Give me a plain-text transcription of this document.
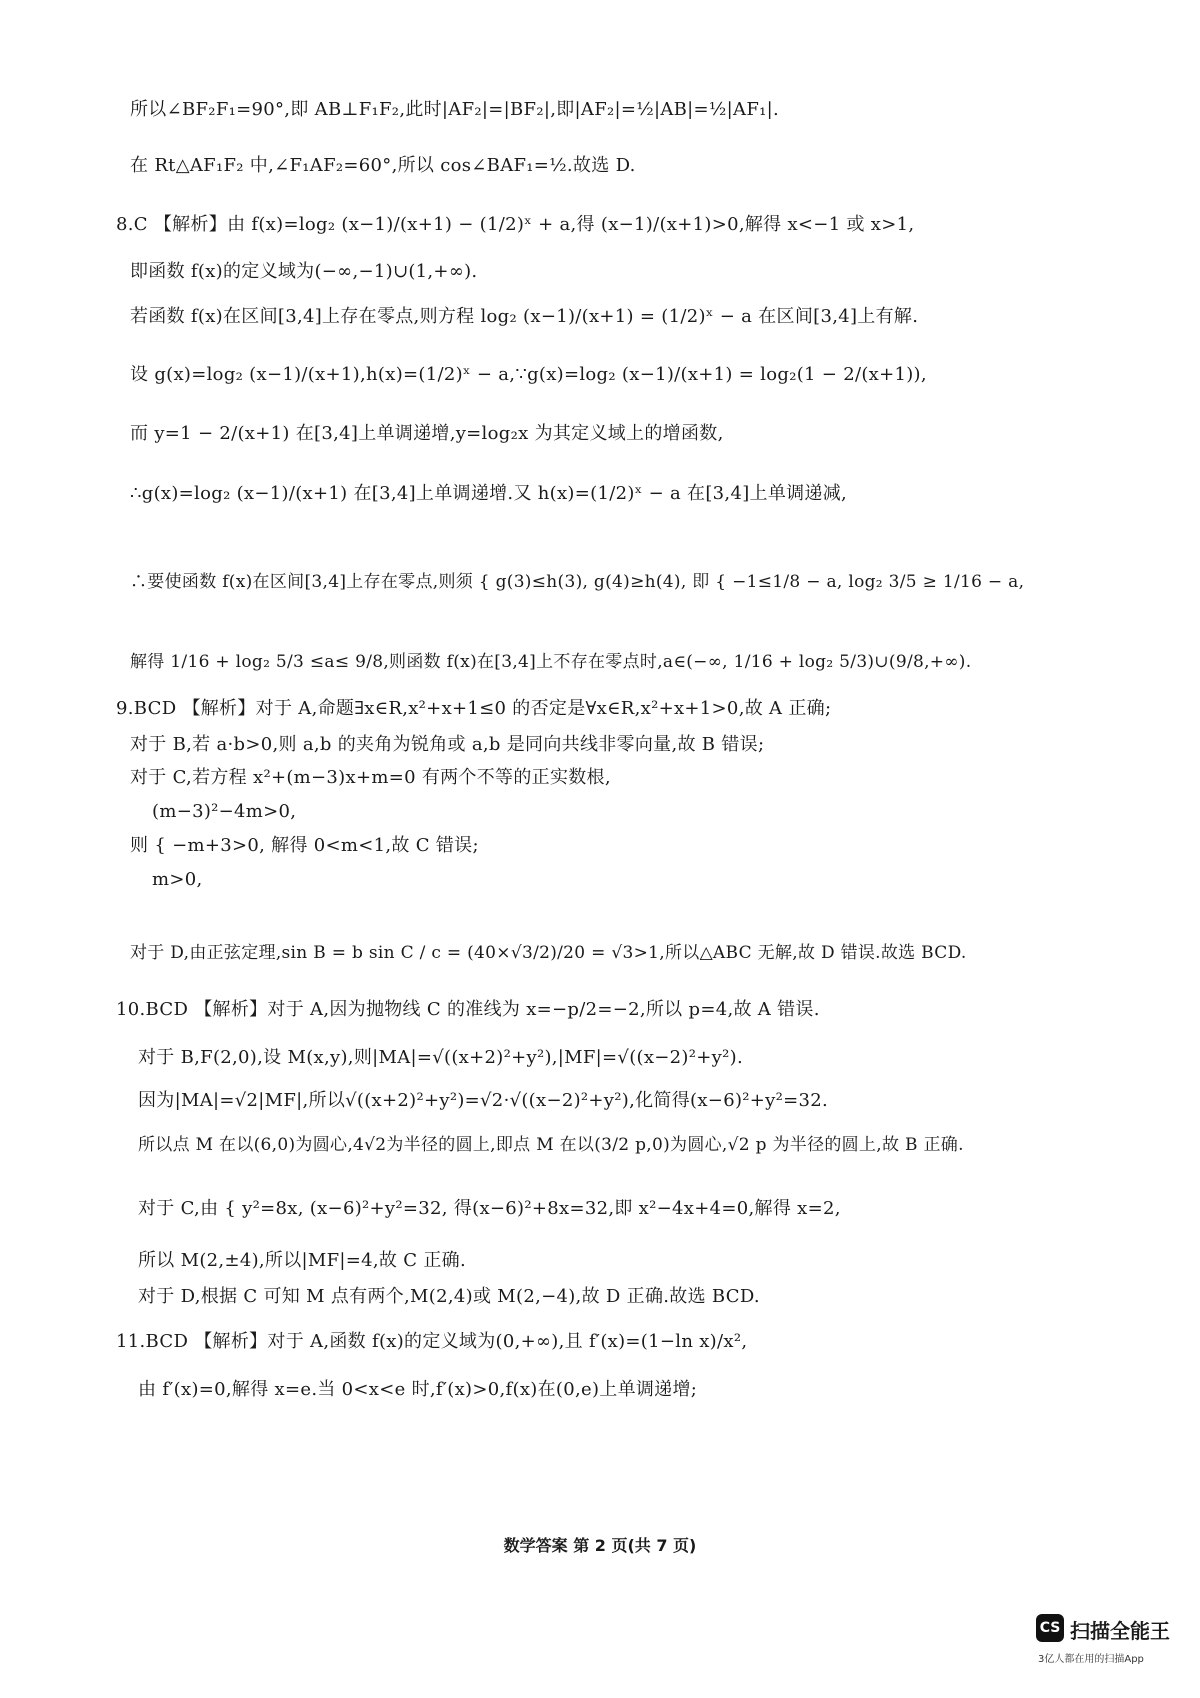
所以∠BF₂F₁=90°,即 AB⊥F₁F₂,此时|AF₂|=|BF₂|,即|AF₂|=½|AB|=½|AF₁|.
在 Rt△AF₁F₂ 中,∠F₁AF₂=60°,所以 cos∠BAF₁=½.故选 D.
8.C 【解析】由 f(x)=log₂ (x−1)/(x+1) − (1/2)ˣ + a,得 (x−1)/(x+1)>0,解得 x<−1 或 x>1,
即函数 f(x)的定义域为(−∞,−1)∪(1,+∞).
若函数 f(x)在区间[3,4]上存在零点,则方程 log₂ (x−1)/(x+1) = (1/2)ˣ − a 在区间[3,4]上有解.
设 g(x)=log₂ (x−1)/(x+1),h(x)=(1/2)ˣ − a,∵g(x)=log₂ (x−1)/(x+1) = log₂(1 − 2/(x+1)),
而 y=1 − 2/(x+1) 在[3,4]上单调递增,y=log₂x 为其定义域上的增函数,
∴g(x)=log₂ (x−1)/(x+1) 在[3,4]上单调递增.又 h(x)=(1/2)ˣ − a 在[3,4]上单调递减,
∴要使函数 f(x)在区间[3,4]上存在零点,则须 { g(3)≤h(3), g(4)≥h(4), 即 { −1≤1/8 − a, log₂ 3/5 ≥ 1/16 − a,
解得 1/16 + log₂ 5/3 ≤a≤ 9/8,则函数 f(x)在[3,4]上不存在零点时,a∈(−∞, 1/16 + log₂ 5/3)∪(9/8,+∞).
9.BCD 【解析】对于 A,命题∃x∈R,x²+x+1≤0 的否定是∀x∈R,x²+x+1>0,故 A 正确;
对于 B,若 a·b>0,则 a,b 的夹角为锐角或 a,b 是同向共线非零向量,故 B 错误;
对于 C,若方程 x²+(m−3)x+m=0 有两个不等的正实数根,
(m−3)²−4m>0,
则 { −m+3>0, 解得 0<m<1,故 C 错误;
m>0,
对于 D,由正弦定理,sin B = b sin C / c = (40×√3/2)/20 = √3>1,所以△ABC 无解,故 D 错误.故选 BCD.
10.BCD 【解析】对于 A,因为抛物线 C 的准线为 x=−p/2=−2,所以 p=4,故 A 错误.
对于 B,F(2,0),设 M(x,y),则|MA|=√((x+2)²+y²),|MF|=√((x−2)²+y²).
因为|MA|=√2|MF|,所以√((x+2)²+y²)=√2·√((x−2)²+y²),化简得(x−6)²+y²=32.
所以点 M 在以(6,0)为圆心,4√2为半径的圆上,即点 M 在以(3/2 p,0)为圆心,√2 p 为半径的圆上,故 B 正确.
对于 C,由 { y²=8x, (x−6)²+y²=32, 得(x−6)²+8x=32,即 x²−4x+4=0,解得 x=2,
所以 M(2,±4),所以|MF|=4,故 C 正确.
对于 D,根据 C 可知 M 点有两个,M(2,4)或 M(2,−4),故 D 正确.故选 BCD.
11.BCD 【解析】对于 A,函数 f(x)的定义域为(0,+∞),且 f′(x)=(1−ln x)/x²,
由 f′(x)=0,解得 x=e.当 0<x<e 时,f′(x)>0,f(x)在(0,e)上单调递增;
数学答案 第 2 页(共 7 页)
CS 扫描全能王
3亿人都在用的扫描App
